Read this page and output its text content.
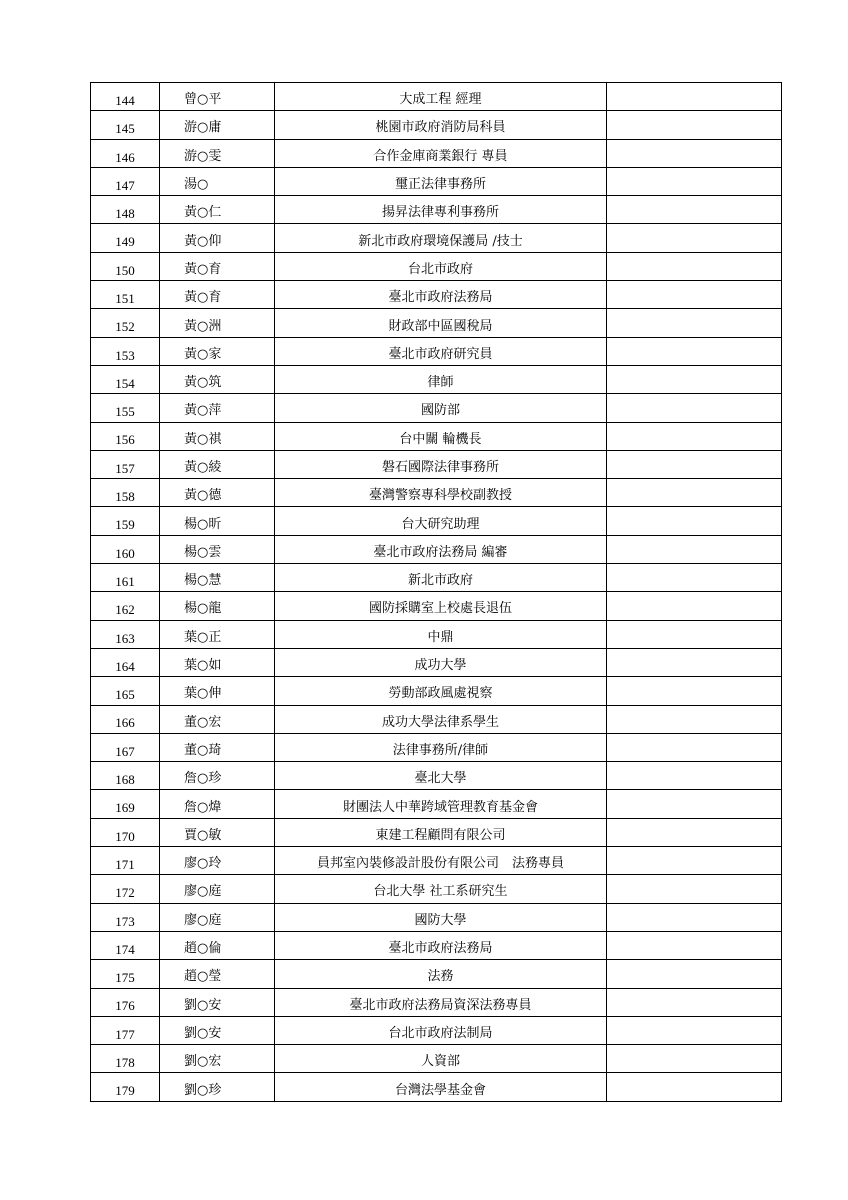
144	曾○平	大成工程 經理	
145	游○庸	桃園市政府消防局科員	
146	游○雯	合作金庫商業銀行 專員	
147	湯○	璽正法律事務所	
148	黃○仁	揚昇法律專利事務所	
149	黃○仰	新北市政府環境保護局 /技士	
150	黃○育	台北市政府	
151	黃○育	臺北市政府法務局	
152	黃○洲	財政部中區國稅局	
153	黃○家	臺北市政府研究員	
154	黃○筑	律師	
155	黃○萍	國防部	
156	黃○祺	台中關 輪機長	
157	黃○綾	磐石國際法律事務所	
158	黃○德	臺灣警察專科學校副教授	
159	楊○昕	台大研究助理	
160	楊○雲	臺北市政府法務局 編審	
161	楊○慧	新北市政府	
162	楊○龍	國防採購室上校處長退伍	
163	葉○正	中鼎	
164	葉○如	成功大學	
165	葉○伸	勞動部政風處視察	
166	董○宏	成功大學法律系學生	
167	董○琦	法律事務所/律師	
168	詹○珍	臺北大學	
169	詹○煒	財團法人中華跨域管理教育基金會	
170	賈○敏	東建工程顧問有限公司	
171	廖○玲	員邦室內裝修設計股份有限公司　法務專員	
172	廖○庭	台北大學 社工系研究生	
173	廖○庭	國防大學	
174	趙○倫	臺北市政府法務局	
175	趙○瑩	法務	
176	劉○安	臺北市政府法務局資深法務專員	
177	劉○安	台北市政府法制局	
178	劉○宏	人資部	
179	劉○珍	台灣法學基金會	
